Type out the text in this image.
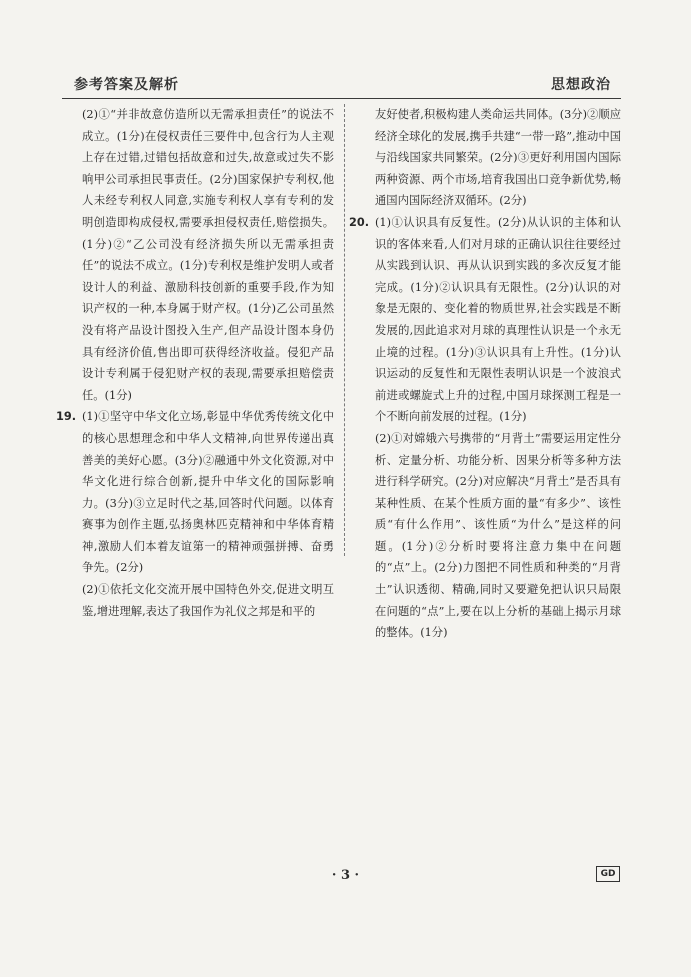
参考答案及解析	思想政治

(2)①“并非故意仿造所以无需承担责任”的说法不成立。(1分)在侵权责任三要件中,包含行为人主观上存在过错,过错包括故意和过失,故意或过失不影响甲公司承担民事责任。(2分)国家保护专利权,他人未经专利权人同意,实施专利权人享有专利的发明创造即构成侵权,需要承担侵权责任,赔偿损失。(1分)②“乙公司没有经济损失所以无需承担责任”的说法不成立。(1分)专利权是维护发明人或者设计人的利益、激励科技创新的重要手段,作为知识产权的一种,本身属于财产权。(1分)乙公司虽然没有将产品设计图投入生产,但产品设计图本身仍具有经济价值,售出即可获得经济收益。侵犯产品设计专利属于侵犯财产权的表现,需要承担赔偿责任。(1分)

19. (1)①坚守中华文化立场,彰显中华优秀传统文化中的核心思想理念和中华人文精神,向世界传递出真善美的美好心愿。(3分)②融通中外文化资源,对中华文化进行综合创新,提升中华文化的国际影响力。(3分)③立足时代之基,回答时代问题。以体育赛事为创作主题,弘扬奥林匹克精神和中华体育精神,激励人们本着友谊第一的精神顽强拼搏、奋勇争先。(2分)

(2)①依托文化交流开展中国特色外交,促进文明互鉴,增进理解,表达了我国作为礼仪之邦是和平的

友好使者,积极构建人类命运共同体。(3分)②顺应经济全球化的发展,携手共建“一带一路”,推动中国与沿线国家共同繁荣。(2分)③更好利用国内国际两种资源、两个市场,培育我国出口竞争新优势,畅通国内国际经济双循环。(2分)

20. (1)①认识具有反复性。(2分)从认识的主体和认识的客体来看,人们对月球的正确认识往往要经过从实践到认识、再从认识到实践的多次反复才能完成。(1分)②认识具有无限性。(2分)认识的对象是无限的、变化着的物质世界,社会实践是不断发展的,因此追求对月球的真理性认识是一个永无止境的过程。(1分)③认识具有上升性。(1分)认识运动的反复性和无限性表明认识是一个波浪式前进或螺旋式上升的过程,中国月球探测工程是一个不断向前发展的过程。(1分)

(2)①对嫦娥六号携带的“月背土”需要运用定性分析、定量分析、功能分析、因果分析等多种方法进行科学研究。(2分)对应解决“月背土”是否具有某种性质、在某个性质方面的量“有多少”、该性质“有什么作用”、该性质“为什么”是这样的问题。(1分)②分析时要将注意力集中在问题的“点”上。(2分)力图把不同性质和种类的“月背土”认识透彻、精确,同时又要避免把认识只局限在问题的“点”上,要在以上分析的基础上揭示月球的整体。(1分)

· 3 ·	GD
